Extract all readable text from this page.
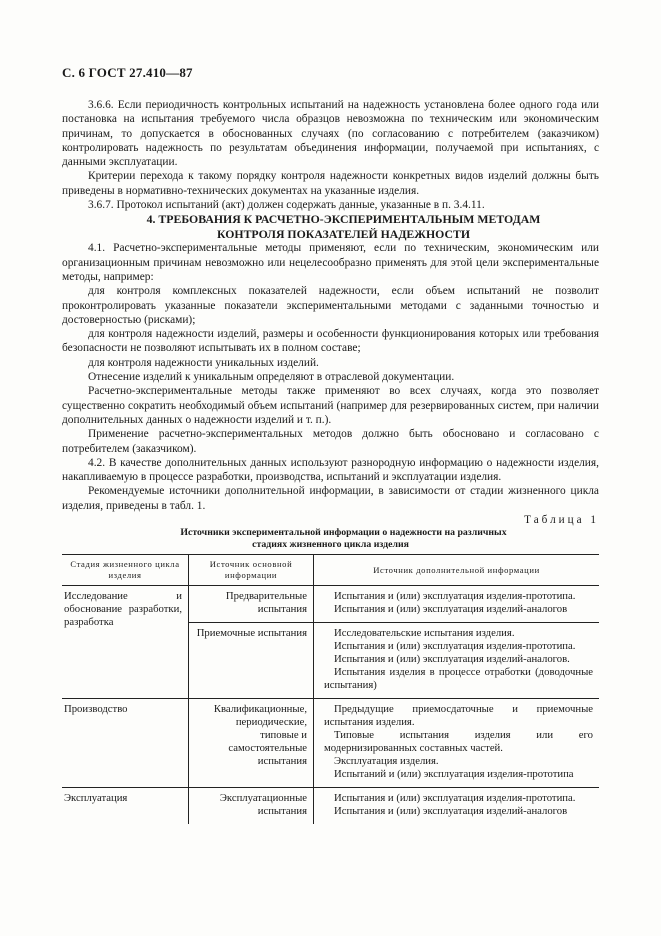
С. 6 ГОСТ 27.410—87

3.6.6. Если периодичность контрольных испытаний на надежность установлена более одного года или постановка на испытания требуемого числа образцов невозможна по техническим или экономическим причинам, то допускается в обоснованных случаях (по согласованию с потребителем (заказчиком) контролировать надежность по результатам объединения информации, получаемой при испытаниях, с данными эксплуатации.

Критерии перехода к такому порядку контроля надежности конкретных видов изделий должны быть приведены в нормативно-технических документах на указанные изделия.

3.6.7. Протокол испытаний (акт) должен содержать данные, указанные в п. 3.4.11.

4. ТРЕБОВАНИЯ К РАСЧЕТНО-ЭКСПЕРИМЕНТАЛЬНЫМ МЕТОДАМ
КОНТРОЛЯ ПОКАЗАТЕЛЕЙ НАДЕЖНОСТИ

4.1. Расчетно-экспериментальные методы применяют, если по техническим, экономическим или организационным причинам невозможно или нецелесообразно применять для этой цели экспериментальные методы, например:

для контроля комплексных показателей надежности, если объем испытаний не позволит проконтролировать указанные показатели экспериментальными методами с заданными точностью и достоверностью (рисками);

для контроля надежности изделий, размеры и особенности функционирования которых или требования безопасности не позволяют испытывать их в полном составе;

для контроля надежности уникальных изделий.

Отнесение изделий к уникальным определяют в отраслевой документации.

Расчетно-экспериментальные методы также применяют во всех случаях, когда это позволяет существенно сократить необходимый объем испытаний (например для резервированных систем, при наличии дополнительных данных о надежности изделий и т. п.).

Применение расчетно-экспериментальных методов должно быть обосновано и согласовано с потребителем (заказчиком).

4.2. В качестве дополнительных данных используют разнородную информацию о надежности изделия, накапливаемую в процессе разработки, производства, испытаний и эксплуатации изделия.

Рекомендуемые источники дополнительной информации, в зависимости от стадии жизненного цикла изделия, приведены в табл. 1.

Таблица 1

Источники экспериментальной информации о надежности на различных
стадиях жизненного цикла изделия

Стадия жизненного цикла изделия	Источник основной информации	Источник дополнительной информации
Исследование и обоснование разработки, разработка	Предварительные испытания	Испытания и (или) эксплуатация изделия-прототипа.
Испытания и (или) эксплуатация изделий-аналогов

	Приемочные испытания	Исследовательские испытания изделия.
Испытания и (или) эксплуатация изделия-прототипа.
Испытания и (или) эксплуатация изделий-аналогов.
Испытания изделия в процессе отработки (доводочные испытания)

Производство	Квалификационные, периодические, типовые и самостоятельные испытания	Предыдущие приемосдаточные и приемочные испытания изделия.
Типовые испытания изделия или его модернизированных составных частей.
Эксплуатация изделия.
Испытаний и (или) эксплуатация изделия-прототипа

Эксплуатация	Эксплуатационные испытания	Испытания и (или) эксплуатация изделия-прототипа.
Испытания и (или) эксплуатация изделий-аналогов
